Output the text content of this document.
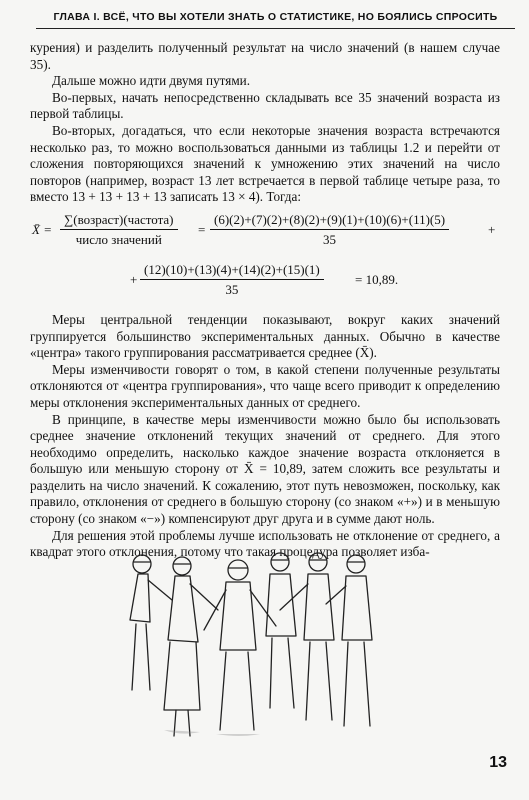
ГЛАВА I. ВСЁ, ЧТО ВЫ ХОТЕЛИ ЗНАТЬ О СТАТИСТИКЕ, НО БОЯЛИСЬ СПРОСИТЬ

курения) и разделить полученный результат на число значений (в нашем случае 35).

Дальше можно идти двумя путями.

Во-первых, начать непосредственно складывать все 35 значений возраста из первой таблицы.

Во-вторых, догадаться, что если некоторые значения возраста встречаются несколько раз, то можно воспользоваться данными из таблицы 1.2 и перейти от сложения повторяющихся значений к умножению этих значений на число повторов (например, возраст 13 лет встречается в первой таблице четыре раза, то вместо 13 + 13 + 13 + 13 записать 13 × 4). Тогда:

X̄ =
∑(возраст)(частота)
число значений
= $\frac{(6)(2)+(7)(2)+(8)(2)+(9)(1)+(10)(6)+(11)(5)}{35}$	+
+ $\frac{(12)(10)+(13)(4)+(14)(2)+(15)(1)}{35} = 10,89$.

Меры центральной тенденции показывают, вокруг каких значений группируется большинство экспериментальных данных. Обычно в качестве «центра» такого группирования рассматривается среднее (X̄).

Меры изменчивости говорят о том, в какой степени полученные результаты отклоняются от «центра группирования», что чаще всего приводит к определению меры отклонения экспериментальных данных от среднего.

В принципе, в качестве меры изменчивости можно было бы использовать среднее значение отклонений текущих значений от среднего. Для этого необходимо определить, насколько каждое значение возраста отклоняется в большую или меньшую сторону от X̄ = 10,89, затем сложить все результаты и разделить на число значений. К сожалению, этот путь невозможен, поскольку, как правило, отклонения от среднего в большую сторону (со знаком «+») и в меньшую сторону (со знаком «−») компенсируют друг друга и в сумме дают ноль.

Для решения этой проблемы лучше использовать не отклонение от среднего, а квадрат этого отклонения, потому что такая процедура позволяет изба-

13
